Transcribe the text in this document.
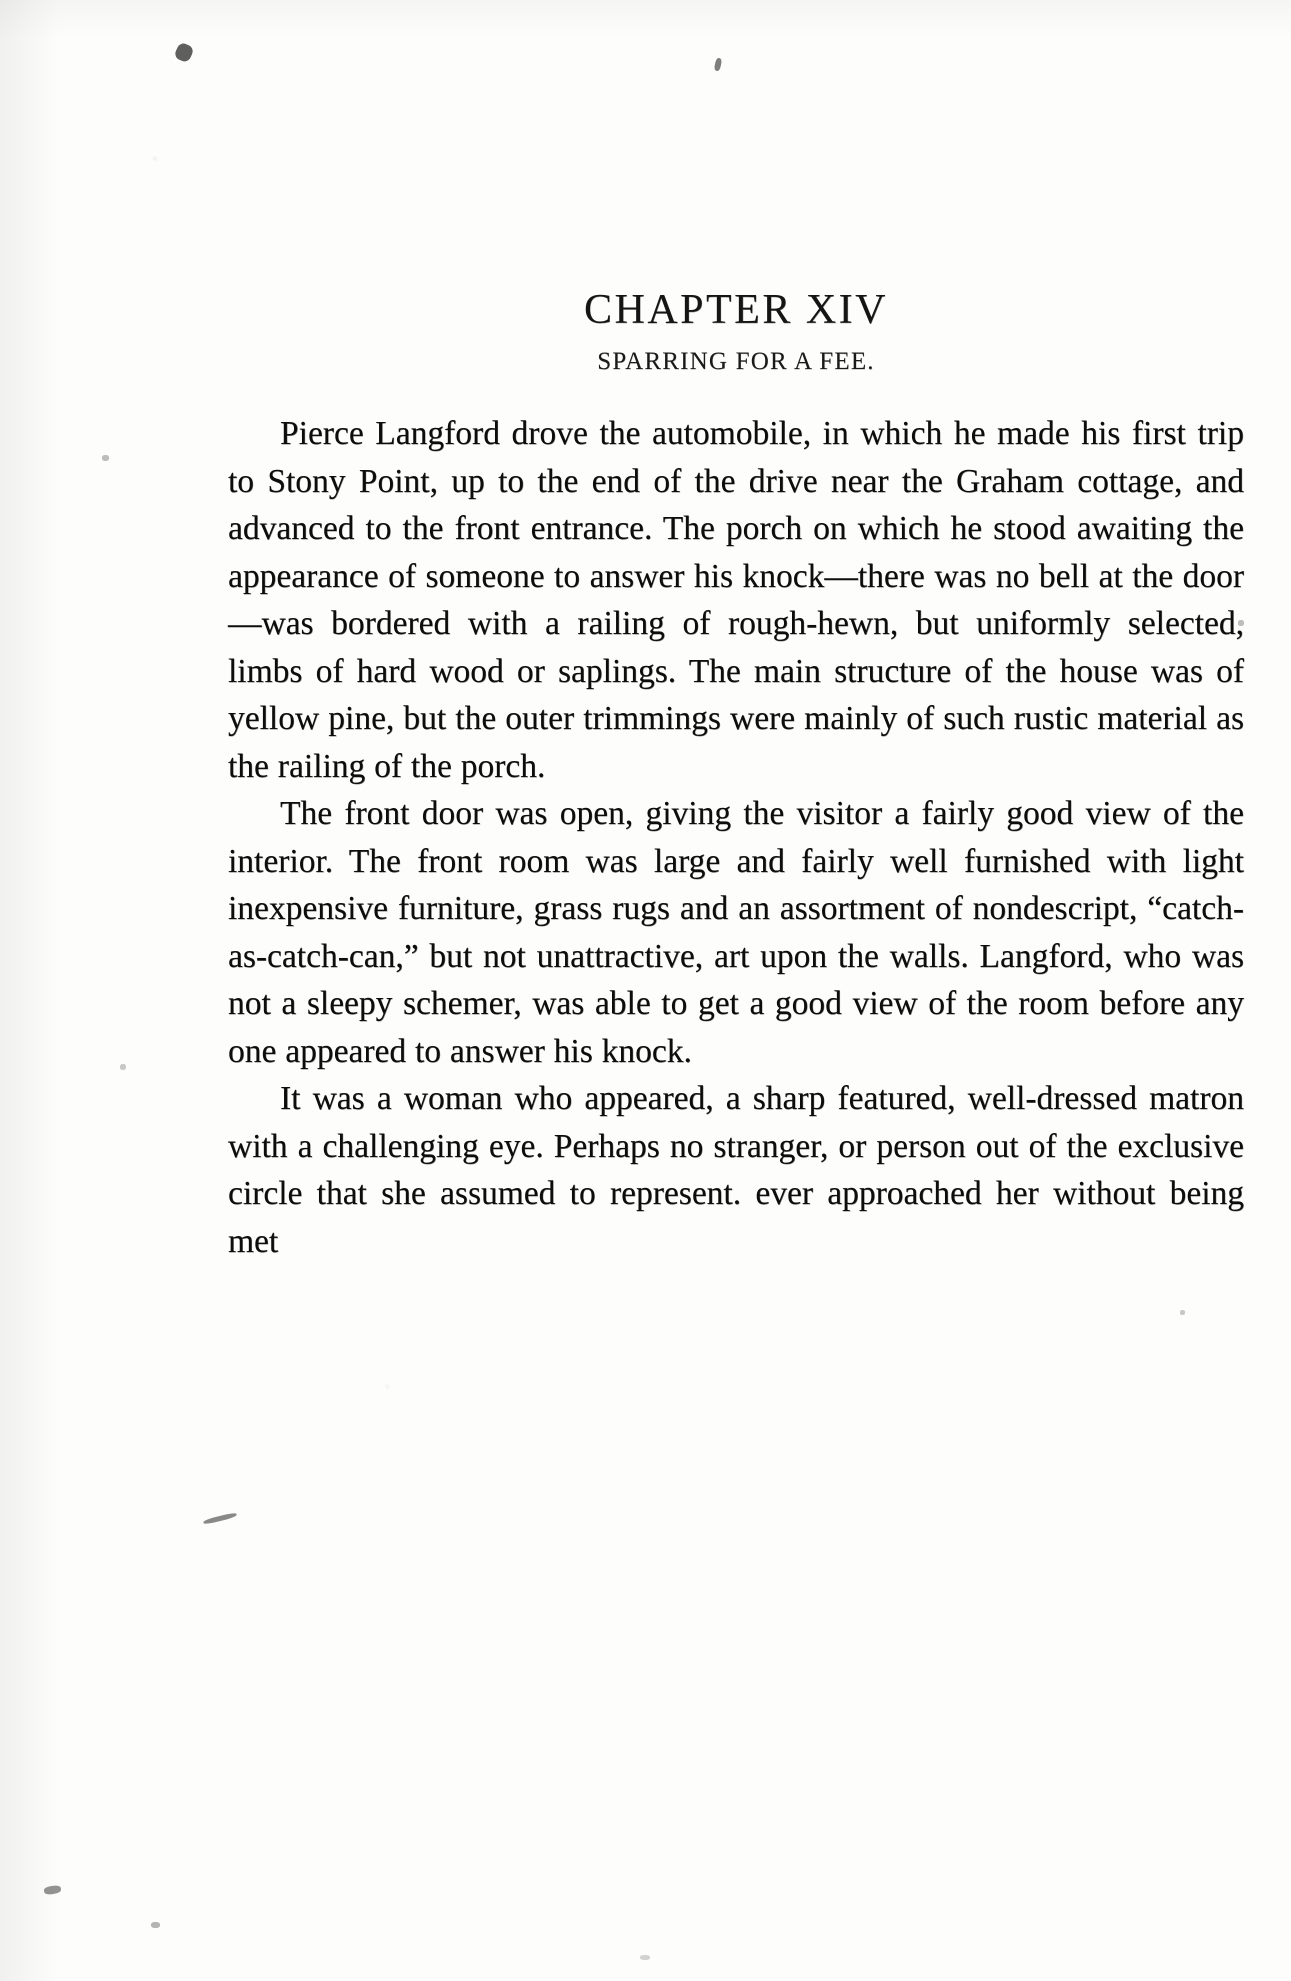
CHAPTER XIV
SPARRING FOR A FEE.

Pierce Langford drove the automobile, in which he made his first trip to Stony Point, up to the end of the drive near the Graham cottage, and advanced to the front entrance. The porch on which he stood awaiting the appearance of someone to answer his knock—there was no bell at the door—was bordered with a railing of rough-hewn, but uniformly selected, limbs of hard wood or saplings. The main structure of the house was of yellow pine, but the outer trimmings were mainly of such rustic material as the railing of the porch.

The front door was open, giving the visitor a fairly good view of the interior. The front room was large and fairly well furnished with light inexpensive furniture, grass rugs and an assortment of nondescript, “catch-as-catch-can,” but not unattractive, art upon the walls. Langford, who was not a sleepy schemer, was able to get a good view of the room before any one appeared to answer his knock.

It was a woman who appeared, a sharp featured, well-dressed matron with a challenging eye. Perhaps no stranger, or person out of the exclusive circle that she assumed to represent. ever approached her without being met
